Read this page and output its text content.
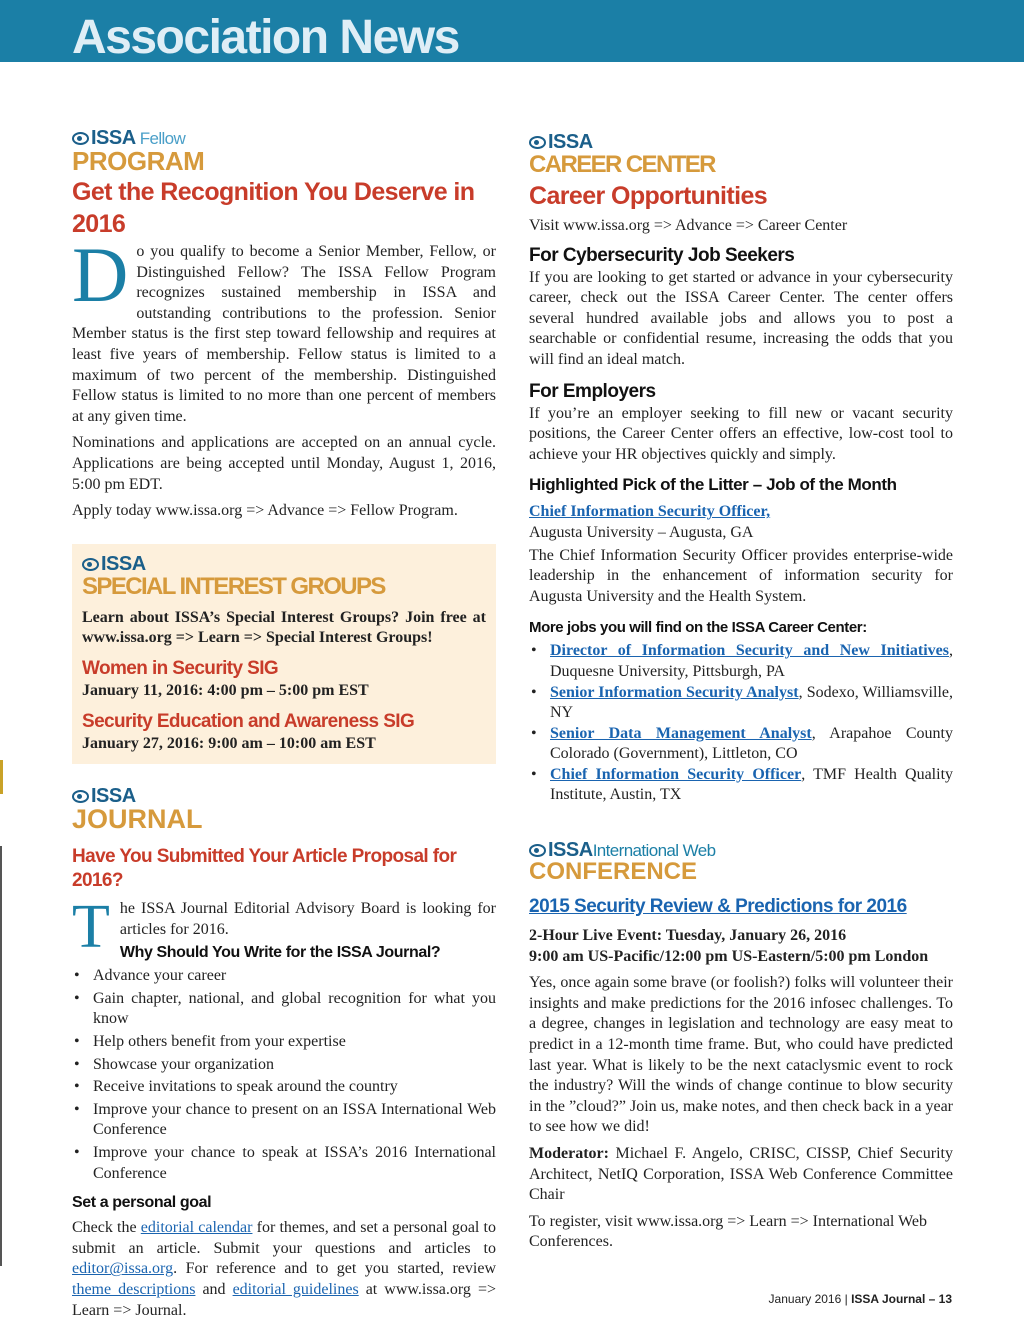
Association News
ISSA Fellow
PROGRAM
Get the Recognition You Deserve in 2016

Do you qualify to become a Senior Member, Fellow, or Distinguished Fellow? The ISSA Fellow Program recognizes sustained membership in ISSA and outstanding contributions to the profession. Senior Member status is the first step toward fellowship and requires at least five years of membership. Fellow status is limited to a maximum of two percent of the membership. Distinguished Fellow status is limited to no more than one percent of members at any given time.

Nominations and applications are accepted on an annual cycle. Applications are being accepted until Monday, August 1, 2016, 5:00 pm EDT.

Apply today www.issa.org => Advance => Fellow Program.

ISSA
SPECIAL INTEREST GROUPS

Learn about ISSA’s Special Interest Groups? Join free at www.issa.org => Learn => Special Interest Groups!

Women in Security SIG

January 11, 2016: 4:00 pm – 5:00 pm EST

Security Education and Awareness SIG

January 27, 2016: 9:00 am – 10:00 am EST

ISSA
JOURNAL
Have You Submitted Your Article Proposal for 2016?
T he ISSA Journal Editorial Advisory Board is looking for articles for 2016.

Why Should You Write for the ISSA Journal?
• Advance your career
• Gain chapter, national, and global recognition for what you know
• Help others benefit from your expertise
• Showcase your organization
• Receive invitations to speak around the country
• Improve your chance to present on an ISSA International Web Conference
• Improve your chance to speak at ISSA’s 2016 International Conference
Set a personal goal

Check the editorial calendar for themes, and set a personal goal to submit an article. Submit your questions and articles to editor@issa.org. For reference and to get you started, review theme descriptions and editorial guidelines at www.issa.org => Learn => Journal.

ISSA
CAREER CENTER
Career Opportunities

Visit www.issa.org => Advance => Career Center

For Cybersecurity Job Seekers

If you are looking to get started or advance in your cybersecurity career, check out the ISSA Career Center. The center offers several hundred available jobs and allows you to post a searchable or confidential resume, increasing the odds that you will find an ideal match.

For Employers

If you’re an employer seeking to fill new or vacant security positions, the Career Center offers an effective, low-cost tool to achieve your HR objectives quickly and simply.

Highlighted Pick of the Litter – Job of the Month

Chief Information Security Officer,

Augusta University – Augusta, GA

The Chief Information Security Officer provides enterprise-wide leadership in the enhancement of information security for Augusta University and the Health System.

More jobs you will find on the ISSA Career Center:
• Director of Information Security and New Initiatives, Duquesne University, Pittsburgh, PA
• Senior Information Security Analyst, Sodexo, Williamsville, NY
• Senior Data Management Analyst, Arapahoe County Colorado (Government), Littleton, CO
• Chief Information Security Officer, TMF Health Quality Institute, Austin, TX
ISSAInternational Web
CONFERENCE
2015 Security Review & Predictions for 2016

2-Hour Live Event: Tuesday, January 26, 2016

9:00 am US-Pacific/12:00 pm US-Eastern/5:00 pm London

Yes, once again some brave (or foolish?) folks will volunteer their insights and make predictions for the 2016 infosec challenges. To a degree, changes in legislation and technology are easy meat to predict in a 12-month time frame. But, who could have predicted last year. What is likely to be the next cataclysmic event to rock the industry? Will the winds of change continue to blow security in the ”cloud?” Join us, make notes, and then check back in a year to see how we did!

Moderator: Michael F. Angelo, CRISC, CISSP, Chief Security Architect, NetIQ Corporation, ISSA Web Conference Committee Chair

To register, visit www.issa.org => Learn => International Web Conferences.

January 2016 | ISSA Journal – 13
